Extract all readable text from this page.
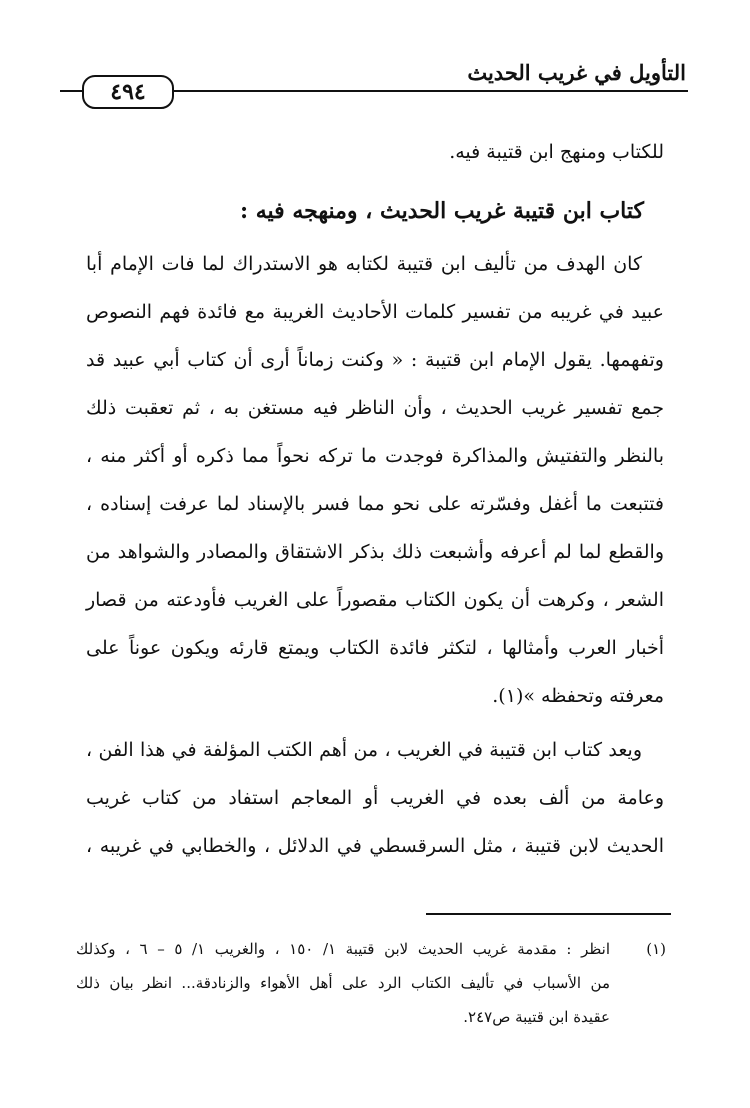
التأويل في غريب الحديث
٤٩٤
للكتاب ومنهج ابن قتيبة فيه.
كتاب ابن قتيبة غريب الحديث ، ومنهجه فيه :
كان الهدف من تأليف ابن قتيبة لكتابه هو الاستدراك لما فات الإمام أبا
عبيد في غريبه من تفسير كلمات الأحاديث الغريبة مع فائدة فهم النصوص
وتفهمها. يقول الإمام ابن قتيبة : « وكنت زماناً أرى أن كتاب أبي عبيد قد
جمع تفسير غريب الحديث ، وأن الناظر فيه مستغن به ، ثم تعقبت ذلك
بالنظر والتفتيش والمذاكرة فوجدت ما تركه نحواً مما ذكره أو أكثر منه ،
فتتبعت ما أغفل وفسّرته على نحو مما فسر بالإسناد لما عرفت إسناده ،
والقطع لما لم أعرفه وأشبعت ذلك بذكر الاشتقاق والمصادر والشواهد من
الشعر ، وكرهت أن يكون الكتاب مقصوراً على الغريب فأودعته من قصار
أخبار العرب وأمثالها ، لتكثر فائدة الكتاب ويمتع قارئه ويكون عوناً على
معرفته وتحفظه »(١).
ويعد كتاب ابن قتيبة في الغريب ، من أهم الكتب المؤلفة في هذا الفن ،
وعامة من ألف بعده في الغريب أو المعاجم استفاد من كتاب غريب
الحديث لابن قتيبة ، مثل السرقسطي في الدلائل ، والخطابي في غريبه ،
(١)انظر : مقدمة غريب الحديث لابن قتيبة ١/ ١٥٠ ، والغريب ١/ ٥ – ٦ ، وكذلك
من الأسباب في تأليف الكتاب الرد على أهل الأهواء والزنادقة... انظر بيان ذلك
عقيدة ابن قتيبة ص٢٤٧.
